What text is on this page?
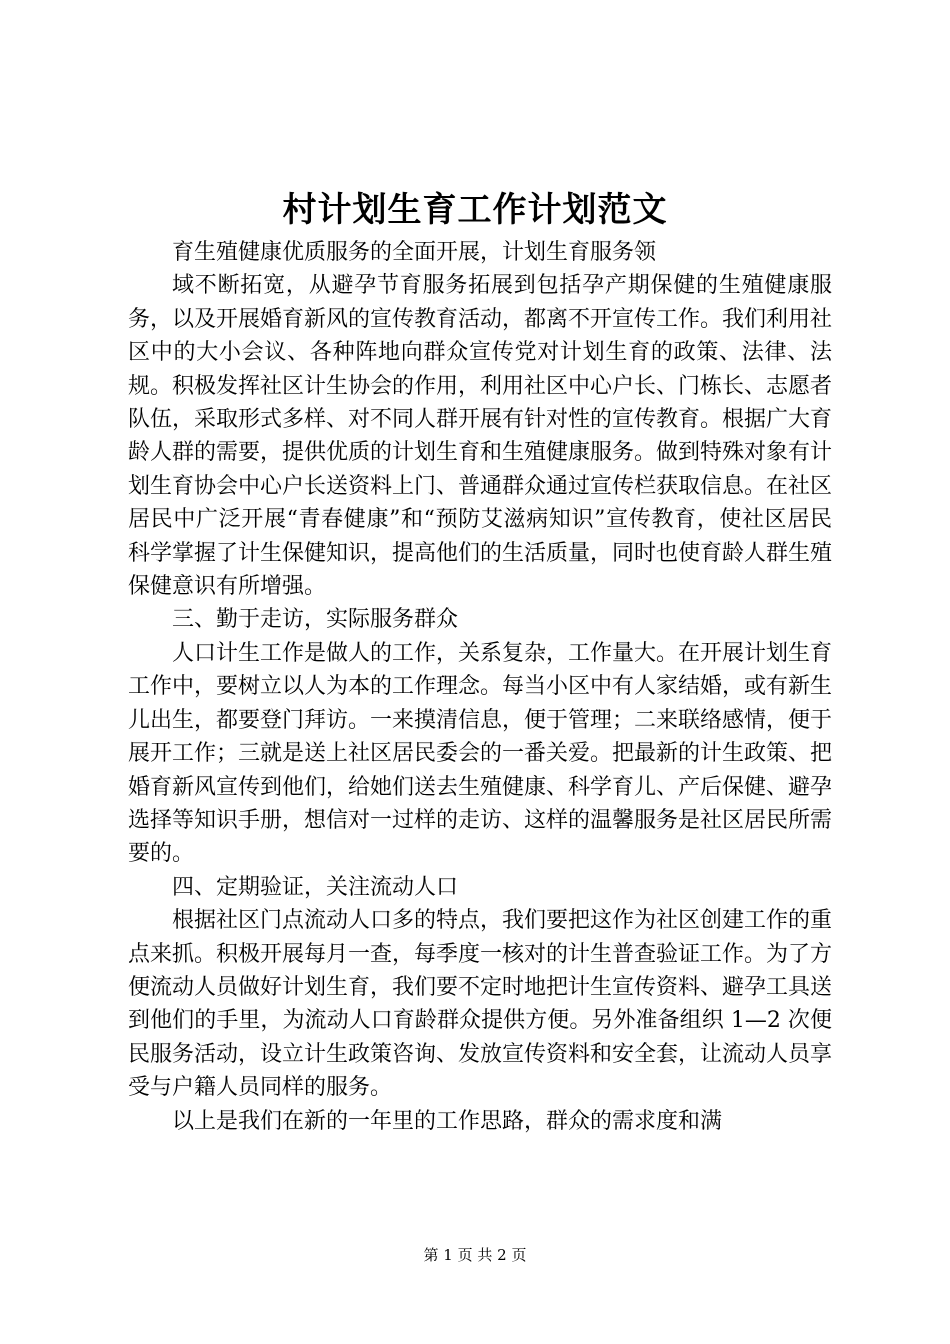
村计划生育工作计划范文

育生殖健康优质服务的全面开展，计划生育服务领

域不断拓宽，从避孕节育服务拓展到包括孕产期保健的生殖健康服务，以及开展婚育新风的宣传教育活动，都离不开宣传工作。我们利用社区中的大小会议、各种阵地向群众宣传党对计划生育的政策、法律、法规。积极发挥社区计生协会的作用，利用社区中心户长、门栋长、志愿者队伍，采取形式多样、对不同人群开展有针对性的宣传教育。根据广大育龄人群的需要，提供优质的计划生育和生殖健康服务。做到特殊对象有计划生育协会中心户长送资料上门、普通群众通过宣传栏获取信息。在社区居民中广泛开展“青春健康”和“预防艾滋病知识”宣传教育，使社区居民科学掌握了计生保健知识，提高他们的生活质量，同时也使育龄人群生殖保健意识有所增强。

三、勤于走访，实际服务群众

人口计生工作是做人的工作，关系复杂，工作量大。在开展计划生育工作中，要树立以人为本的工作理念。每当小区中有人家结婚，或有新生儿出生，都要登门拜访。一来摸清信息，便于管理；二来联络感情，便于展开工作；三就是送上社区居民委会的一番关爱。把最新的计生政策、把婚育新风宣传到他们，给她们送去生殖健康、科学育儿、产后保健、避孕选择等知识手册，想信对一过样的走访、这样的温馨服务是社区居民所需要的。

四、定期验证，关注流动人口

根据社区门点流动人口多的特点，我们要把这作为社区创建工作的重点来抓。积极开展每月一查，每季度一核对的计生普查验证工作。为了方便流动人员做好计划生育，我们要不定时地把计生宣传资料、避孕工具送到他们的手里，为流动人口育龄群众提供方便。另外准备组织 1—2 次便民服务活动，设立计生政策咨询、发放宣传资料和安全套，让流动人员享受与户籍人员同样的服务。

以上是我们在新的一年里的工作思路，群众的需求度和满

第 1 页 共 2 页
